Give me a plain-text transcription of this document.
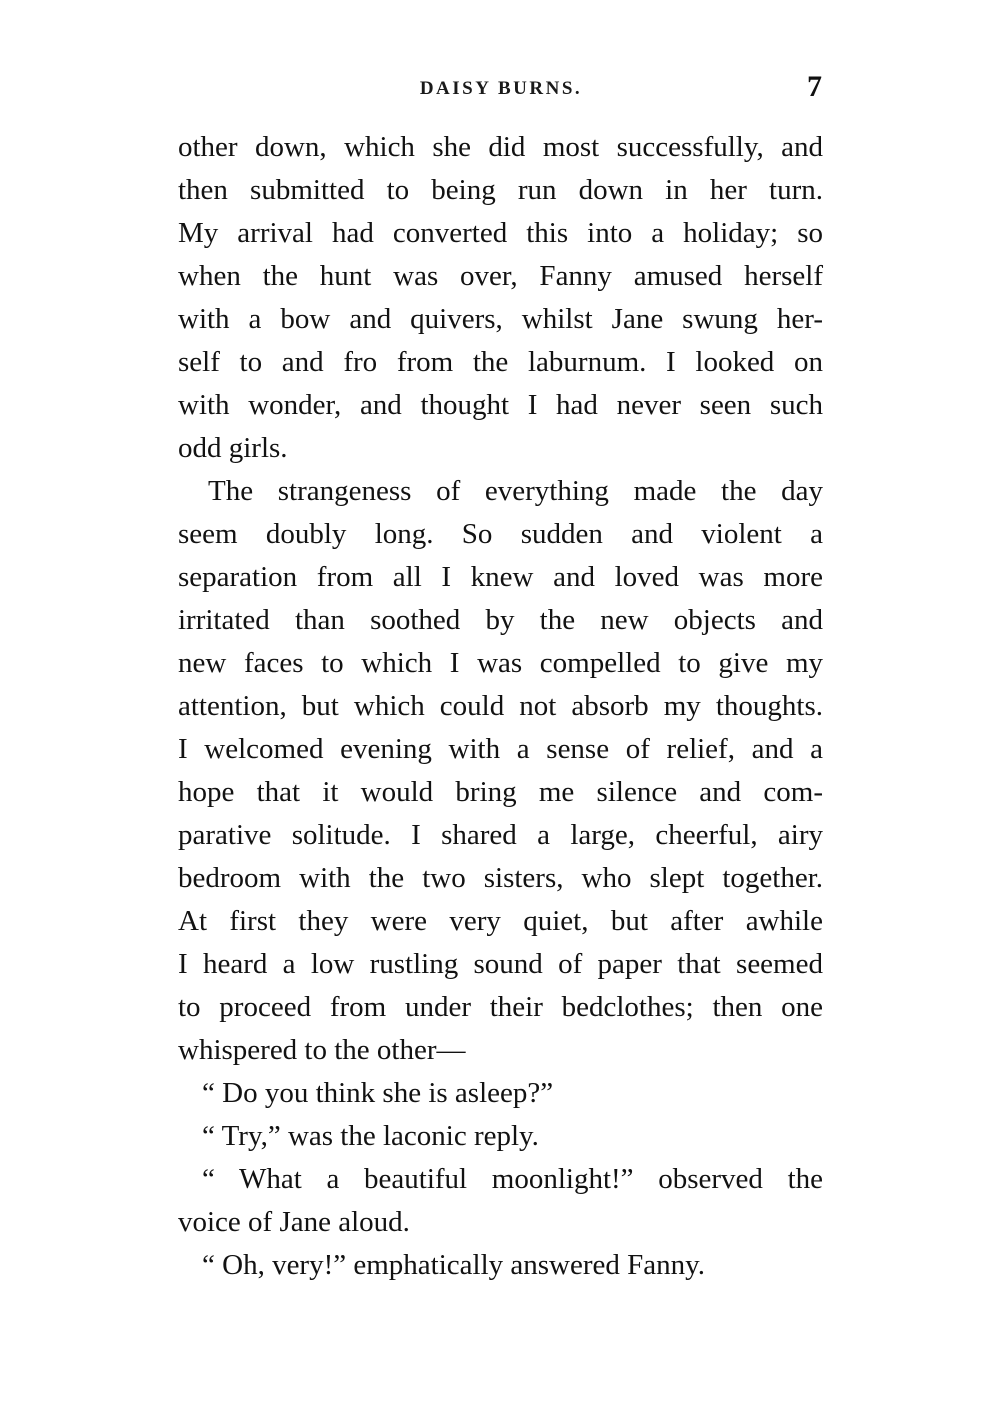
DAISY BURNS.	7
other down, which she did most successfully, and
then submitted to being run down in her turn.
My arrival had converted this into a holiday; so
when the hunt was over, Fanny amused herself
with a bow and quivers, whilst Jane swung her-
self to and fro from the laburnum. I looked on
with wonder, and thought I had never seen such
odd girls.
The strangeness of everything made the day
seem doubly long. So sudden and violent a
separation from all I knew and loved was more
irritated than soothed by the new objects and
new faces to which I was compelled to give my
attention, but which could not absorb my thoughts.
I welcomed evening with a sense of relief, and a
hope that it would bring me silence and com-
parative solitude. I shared a large, cheerful, airy
bedroom with the two sisters, who slept together.
At first they were very quiet, but after awhile
I heard a low rustling sound of paper that seemed
to proceed from under their bedclothes; then one
whispered to the other—
“ Do you think she is asleep?”
“ Try,” was the laconic reply.
“ What a beautiful moonlight!” observed the
voice of Jane aloud.
“ Oh, very!” emphatically answered Fanny.
